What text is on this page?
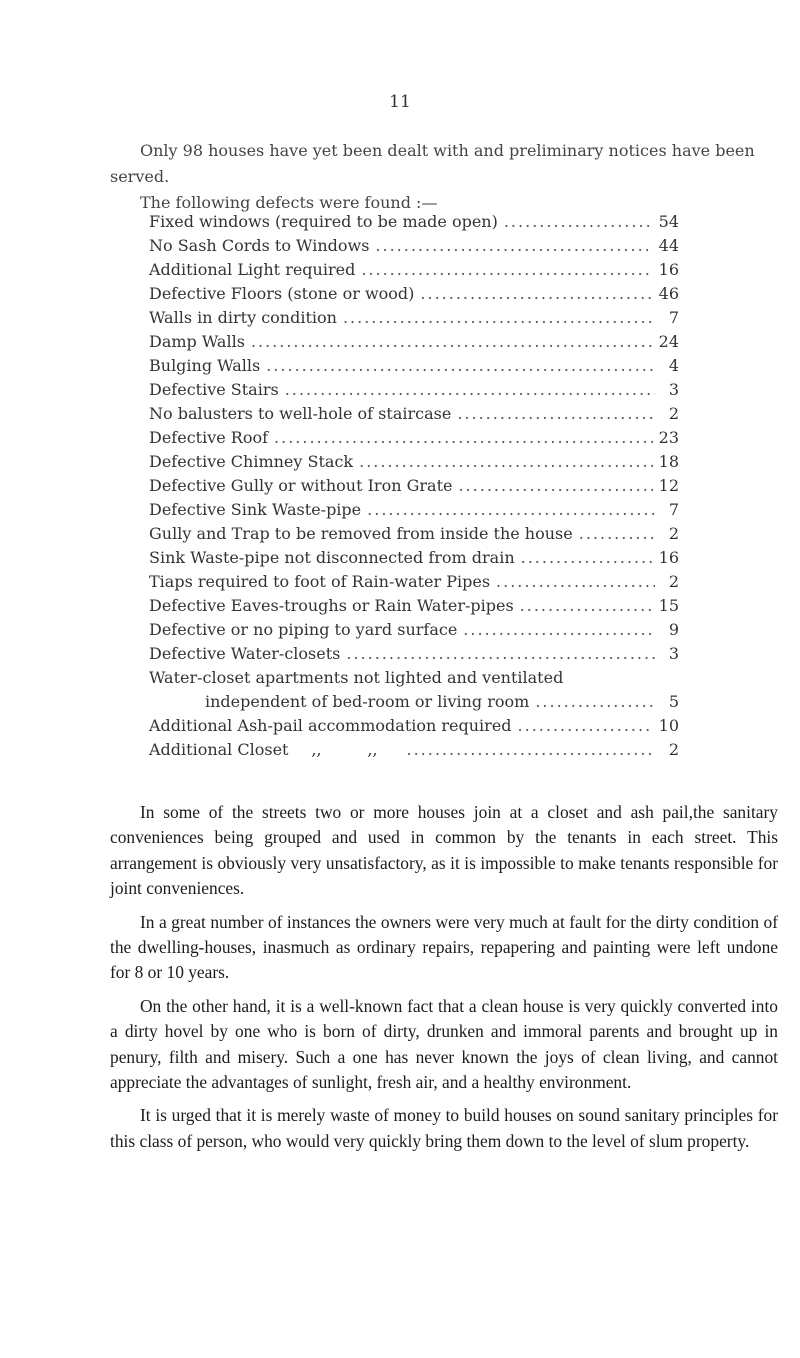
11

Only 98 houses have yet been dealt with and preliminary notices have been served.

The following defects were found :—

Fixed windows (required to be made open) .....	54
No Sash Cords to Windows .....	44
Additional Light required .....	16
Defective Floors (stone or wood) .....	46
Walls in dirty condition .....	7
Damp Walls .....	24
Bulging Walls .....	4
Defective Stairs .....	3
No balusters to well-hole of staircase .....	2
Defective Roof .....	23
Defective Chimney Stack .....	18
Defective Gully or without Iron Grate .....	12
Defective Sink Waste-pipe .....	7
Gully and Trap to be removed from inside the house .....	2
Sink Waste-pipe not disconnected from drain .....	16
Tiaps required to foot of Rain-water Pipes .....	2
Defective Eaves-troughs or Rain Water-pipes .....	15
Defective or no piping to yard surface .....	9
Defective Water-closets .....	3
Water-closet apartments not lighted and ventilated
independent of bed-room or living room .....	5
Additional Ash-pail accommodation required .....	10
Additional Closet	,,	,, .....	2

In some of the streets two or more houses join at a closet and ash pail,the sanitary conveniences being grouped and used in common by the tenants in each street. This arrangement is obviously very unsatisfactory, as it is impossible to make tenants responsible for joint conveniences.

In a great number of instances the owners were very much at fault for the dirty condition of the dwelling-houses, inasmuch as ordinary repairs, repapering and painting were left undone for 8 or 10 years.

On the other hand, it is a well-known fact that a clean house is very quickly converted into a dirty hovel by one who is born of dirty, drunken and immoral parents and brought up in penury, filth and misery. Such a one has never known the joys of clean living, and cannot appreciate the advantages of sunlight, fresh air, and a healthy environment.

It is urged that it is merely waste of money to build houses on sound sanitary principles for this class of person, who would very quickly bring them down to the level of slum property.
